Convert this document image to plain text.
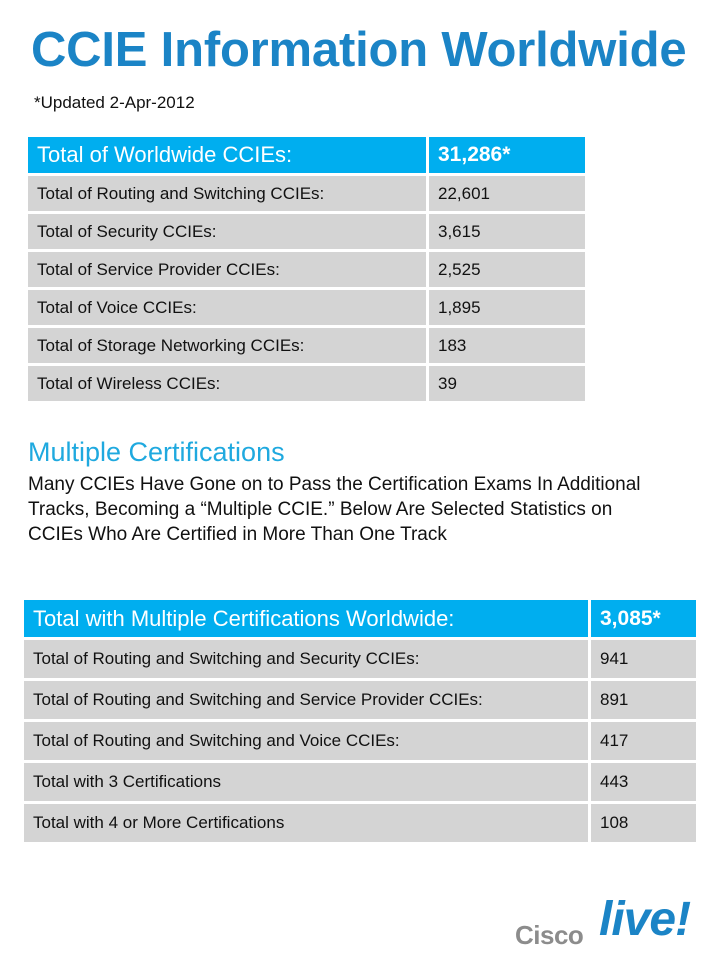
CCIE Information Worldwide
*Updated 2-Apr-2012
Total of Worldwide CCIEs:	31,286*
Total of Routing and Switching CCIEs:	22,601
Total of Security CCIEs:	3,615
Total of Service Provider CCIEs:	2,525
Total of Voice CCIEs:	1,895
Total of Storage Networking CCIEs:	183
Total of Wireless CCIEs:	39
Multiple Certifications
Many CCIEs Have Gone on to Pass the Certification Exams In Additional Tracks, Becoming a “Multiple CCIE.” Below Are Selected Statistics on CCIEs Who Are Certified in More Than One Track
Total with Multiple Certifications Worldwide:	3,085*
Total of Routing and Switching and Security CCIEs:	941
Total of Routing and Switching and Service Provider CCIEs:	891
Total of Routing and Switching and Voice CCIEs:	417
Total with 3 Certifications	443
Total with 4 or More Certifications	108
Cisco live!
